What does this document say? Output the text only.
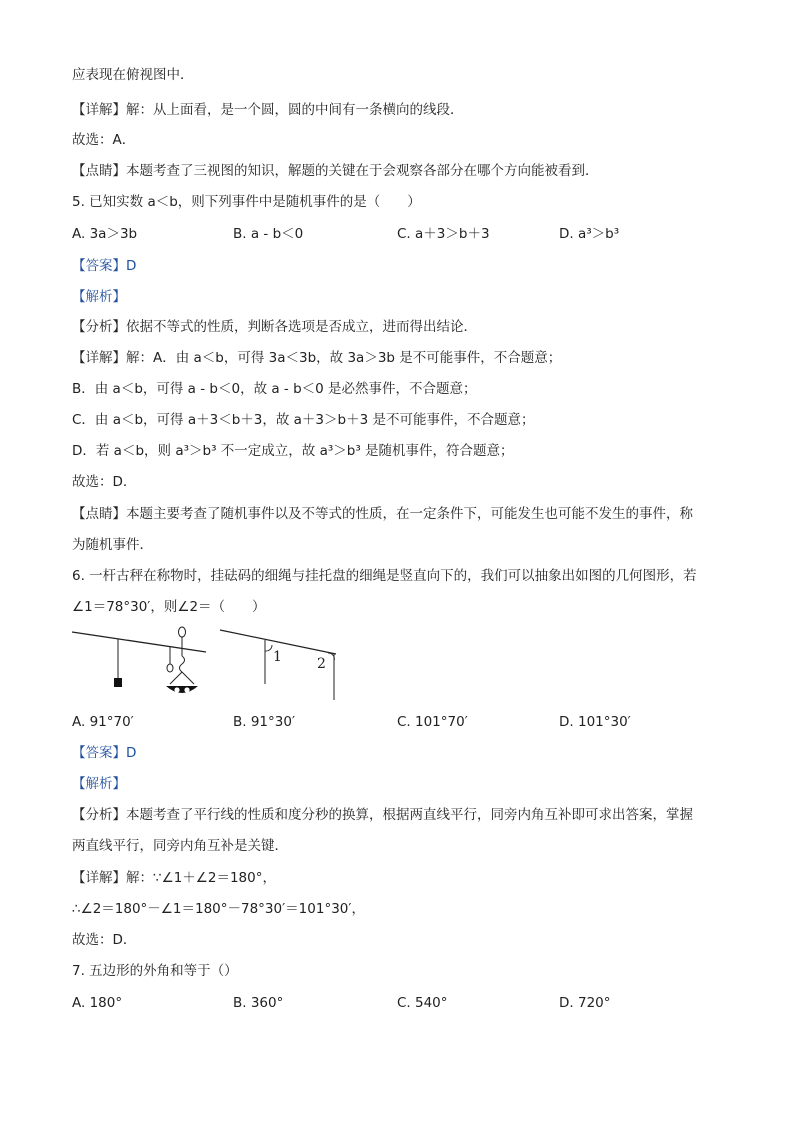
应表现在俯视图中．
【详解】解：从上面看，是一个圆，圆的中间有一条横向的线段．
故选：A．
【点睛】本题考查了三视图的知识，解题的关键在于会观察各部分在哪个方向能被看到．
5. 已知实数 a＜b，则下列事件中是随机事件的是（　　）
A. 3a＞3b	B. a - b＜0	C. a＋3＞b＋3	D. a³＞b³
【答案】D
【解析】
【分析】依据不等式的性质，判断各选项是否成立，进而得出结论．
【详解】解：A．由 a＜b，可得 3a＜3b，故 3a＞3b 是不可能事件，不合题意；
B．由 a＜b，可得 a - b＜0，故 a - b＜0 是必然事件，不合题意；
C．由 a＜b，可得 a＋3＜b＋3，故 a＋3＞b＋3 是不可能事件，不合题意；
D．若 a＜b，则 a³＞b³ 不一定成立，故 a³＞b³ 是随机事件，符合题意；
故选：D．
【点睛】本题主要考查了随机事件以及不等式的性质，在一定条件下，可能发生也可能不发生的事件，称
为随机事件．
6. 一杆古秤在称物时，挂砝码的细绳与挂托盘的细绳是竖直向下的，我们可以抽象出如图的几何图形，若
∠1＝78°30′，则∠2＝（　　）
1	2
A. 91°70′	B. 91°30′	C. 101°70′	D. 101°30′
【答案】D
【解析】
【分析】本题考查了平行线的性质和度分秒的换算，根据两直线平行，同旁内角互补即可求出答案，掌握
两直线平行，同旁内角互补是关键．
【详解】解：∵∠1＋∠2＝180°，
∴∠2＝180°－∠1＝180°－78°30′＝101°30′，
故选：D．
7. 五边形的外角和等于（）
A. 180°	B. 360°	C. 540°	D. 720°
